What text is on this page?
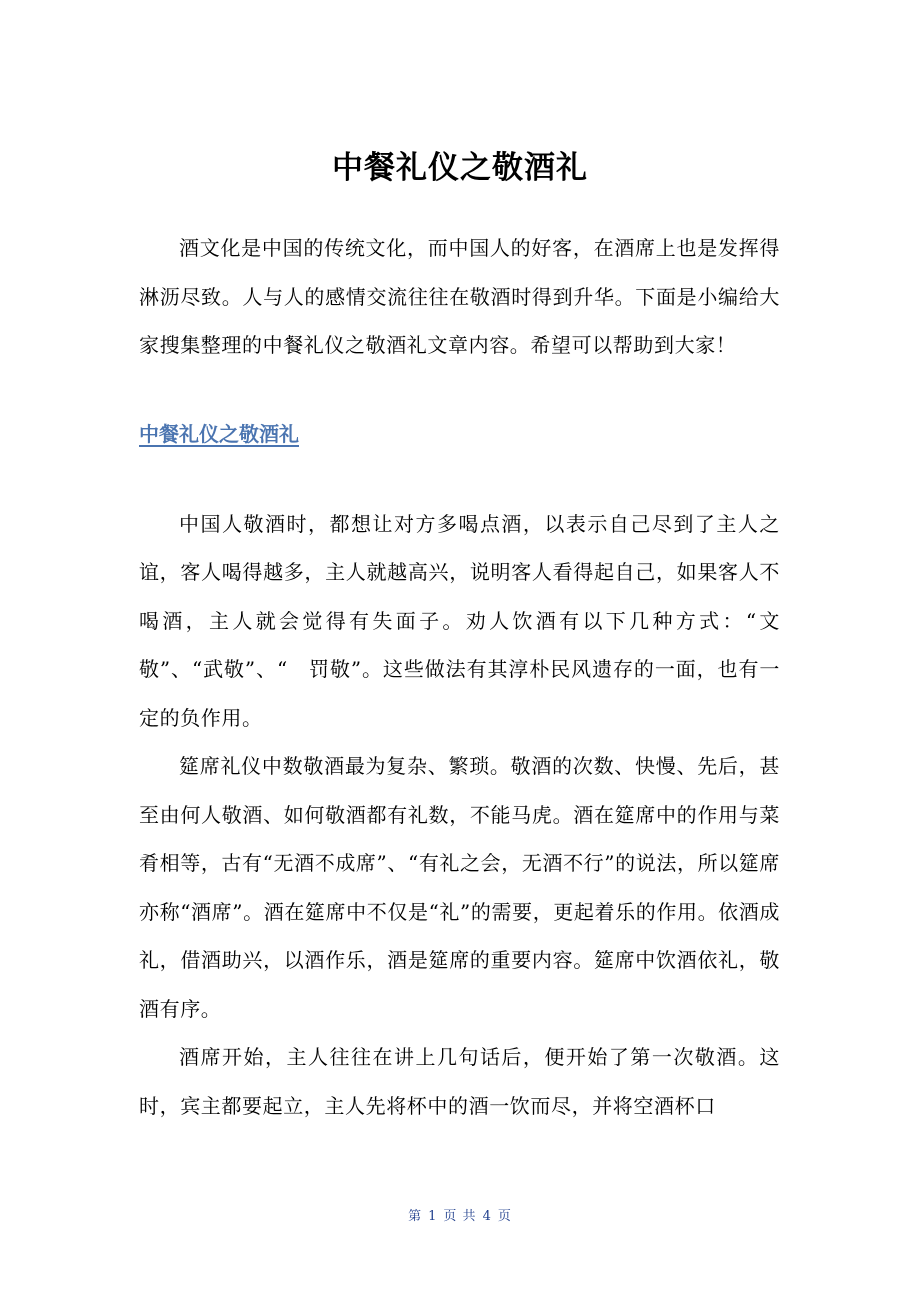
中餐礼仪之敬酒礼

酒文化是中国的传统文化，而中国人的好客，在酒席上也是发挥得淋沥尽致。人与人的感情交流往往在敬酒时得到升华。下面是小编给大家搜集整理的中餐礼仪之敬酒礼文章内容。希望可以帮助到大家！

中餐礼仪之敬酒礼

中国人敬酒时，都想让对方多喝点酒，以表示自己尽到了主人之谊，客人喝得越多，主人就越高兴，说明客人看得起自己，如果客人不喝酒，主人就会觉得有失面子。劝人饮酒有以下几种方式：“文敬”、“武敬”、“　罚敬”。这些做法有其淳朴民风遗存的一面，也有一定的负作用。

筵席礼仪中数敬酒最为复杂、繁琐。敬酒的次数、快慢、先后，甚至由何人敬酒、如何敬酒都有礼数，不能马虎。酒在筵席中的作用与菜肴相等，古有“无酒不成席”、“有礼之会，无酒不行”的说法，所以筵席亦称“酒席”。酒在筵席中不仅是“礼”的需要，更起着乐的作用。依酒成礼，借酒助兴，以酒作乐，酒是筵席的重要内容。筵席中饮酒依礼，敬酒有序。

酒席开始，主人往往在讲上几句话后，便开始了第一次敬酒。这时，宾主都要起立，主人先将杯中的酒一饮而尽，并将空酒杯口

第 1 页 共 4 页
